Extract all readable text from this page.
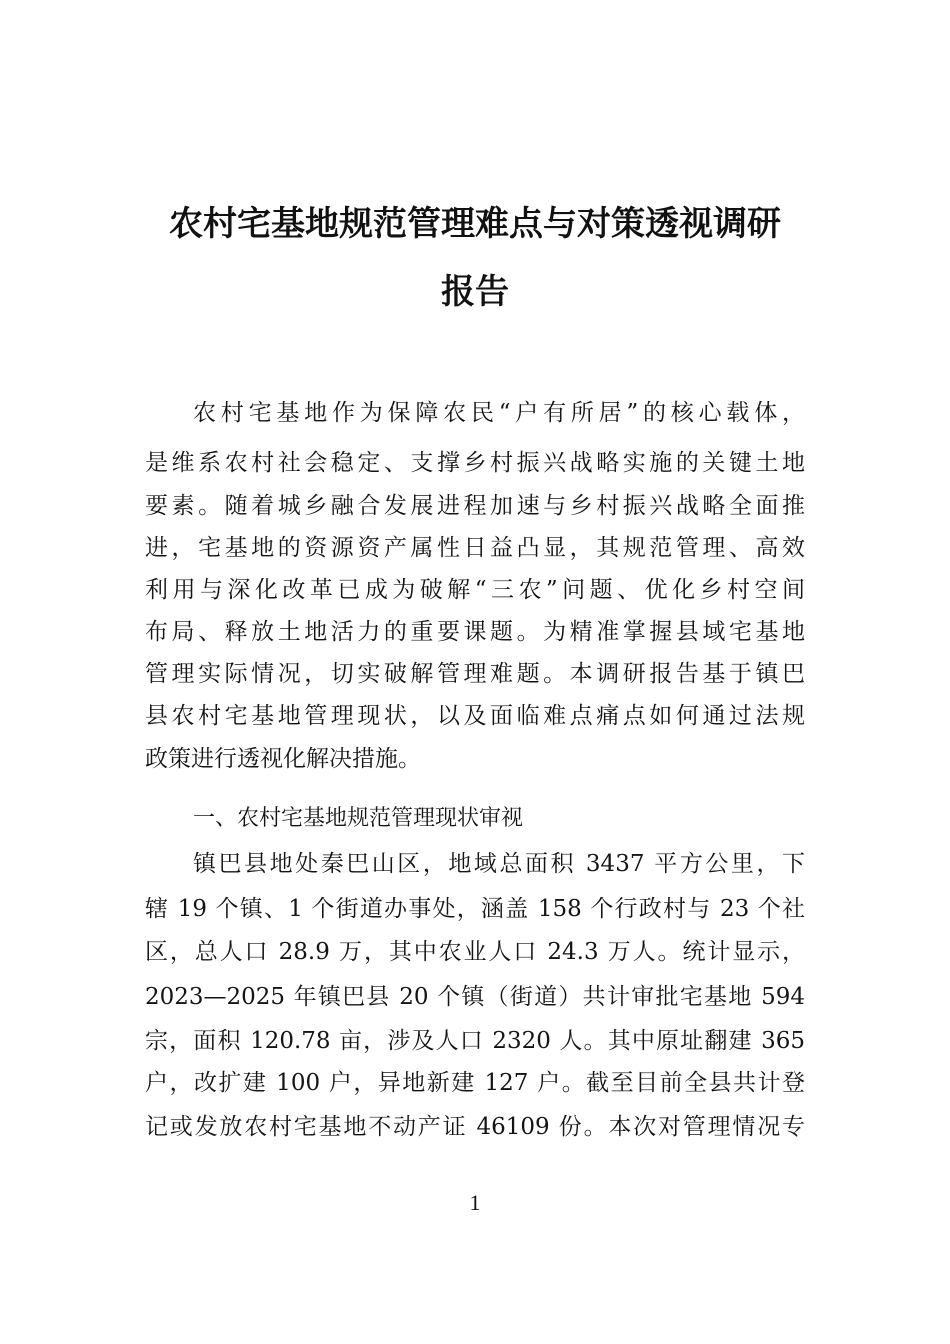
农村宅基地规范管理难点与对策透视调研
报告
农村宅基地作为保障农民“户有所居”的核心载体，
是维系农村社会稳定、支撑乡村振兴战略实施的关键土地
要素。随着城乡融合发展进程加速与乡村振兴战略全面推
进，宅基地的资源资产属性日益凸显，其规范管理、高效
利用与深化改革已成为破解“三农”问题、优化乡村空间
布局、释放土地活力的重要课题。为精准掌握县域宅基地
管理实际情况，切实破解管理难题。本调研报告基于镇巴
县农村宅基地管理现状，以及面临难点痛点如何通过法规
政策进行透视化解决措施。
一、农村宅基地规范管理现状审视
镇巴县地处秦巴山区，地域总面积 3437 平方公里，下
辖 19 个镇、1 个街道办事处，涵盖 158 个行政村与 23 个社
区，总人口 28.9 万，其中农业人口 24.3 万人。统计显示，
2023—2025 年镇巴县 20 个镇（街道）共计审批宅基地 594
宗，面积 120.78 亩，涉及人口 2320 人。其中原址翻建 365
户，改扩建 100 户，异地新建 127 户。截至目前全县共计登
记或发放农村宅基地不动产证 46109 份。本次对管理情况专
1
